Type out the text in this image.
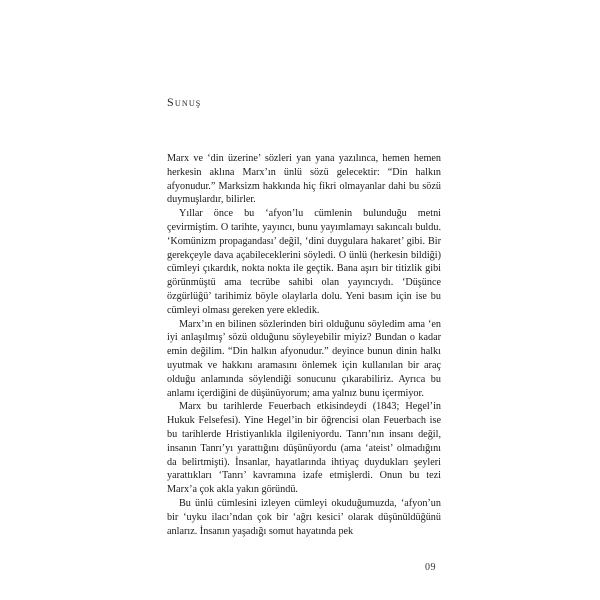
Sunuş

Marx ve ‘din üzerine’ sözleri yan yana yazılınca, hemen hemen herkesin aklına Marx’ın ünlü sözü gelecektir: “Din halkın afyonudur.” Marksizm hakkında hiç fikri olmayanlar dahi bu sözü duymuşlardır, bilirler.

Yıllar önce bu ‘afyon’lu cümlenin bulunduğu metni çevirmiştim. O tarihte, yayıncı, bunu yayımlamayı sakıncalı buldu. ‘Komünizm propagandası’ değil, ‘dini duygulara hakaret’ gibi. Bir gerekçeyle dava açabileceklerini söyledi. O ünlü (herkesin bildiği) cümleyi çıkardık, nokta nokta ile geçtik. Bana aşırı bir titizlik gibi görünmüştü ama tecrübe sahibi olan yayıncıydı. ‘Düşünce özgürlüğü’ tarihimiz böyle olaylarla dolu. Yeni basım için ise bu cümleyi olması gereken yere ekledik.

Marx’ın en bilinen sözlerinden biri olduğunu söyledim ama ‘en iyi anlaşılmış’ sözü olduğunu söyleyebilir miyiz? Bundan o kadar emin değilim. “Din halkın afyonudur.” deyince bunun dinin halkı uyutmak ve hakkını aramasını önlemek için kullanılan bir araç olduğu anlamında söylendiği sonucunu çıkarabiliriz. Ayrıca bu anlamı içerdiğini de düşünüyorum; ama yalnız bunu içermiyor.

Marx bu tarihlerde Feuerbach etkisindeydi (1843; Hegel’in Hukuk Felsefesi). Yine Hegel’in bir öğrencisi olan Feuerbach ise bu tarihlerde Hristiyanlıkla ilgileniyordu. Tanrı’nın insanı değil, insanın Tanrı’yı yarattığını düşünüyordu (ama ‘ateist’ olmadığını da belirtmişti). İnsanlar, hayatlarında ihtiyaç duydukları şeyleri yarattıkları ‘Tanrı’ kavramına izafe etmişlerdi. Onun bu tezi Marx’a çok akla yakın göründü.

Bu ünlü cümlesini izleyen cümleyi okuduğumuzda, ‘afyon’un bir ‘uyku ilacı’ndan çok bir ‘ağrı kesici’ olarak düşünüldüğünü anlarız. İnsanın yaşadığı somut hayatında pek

09
